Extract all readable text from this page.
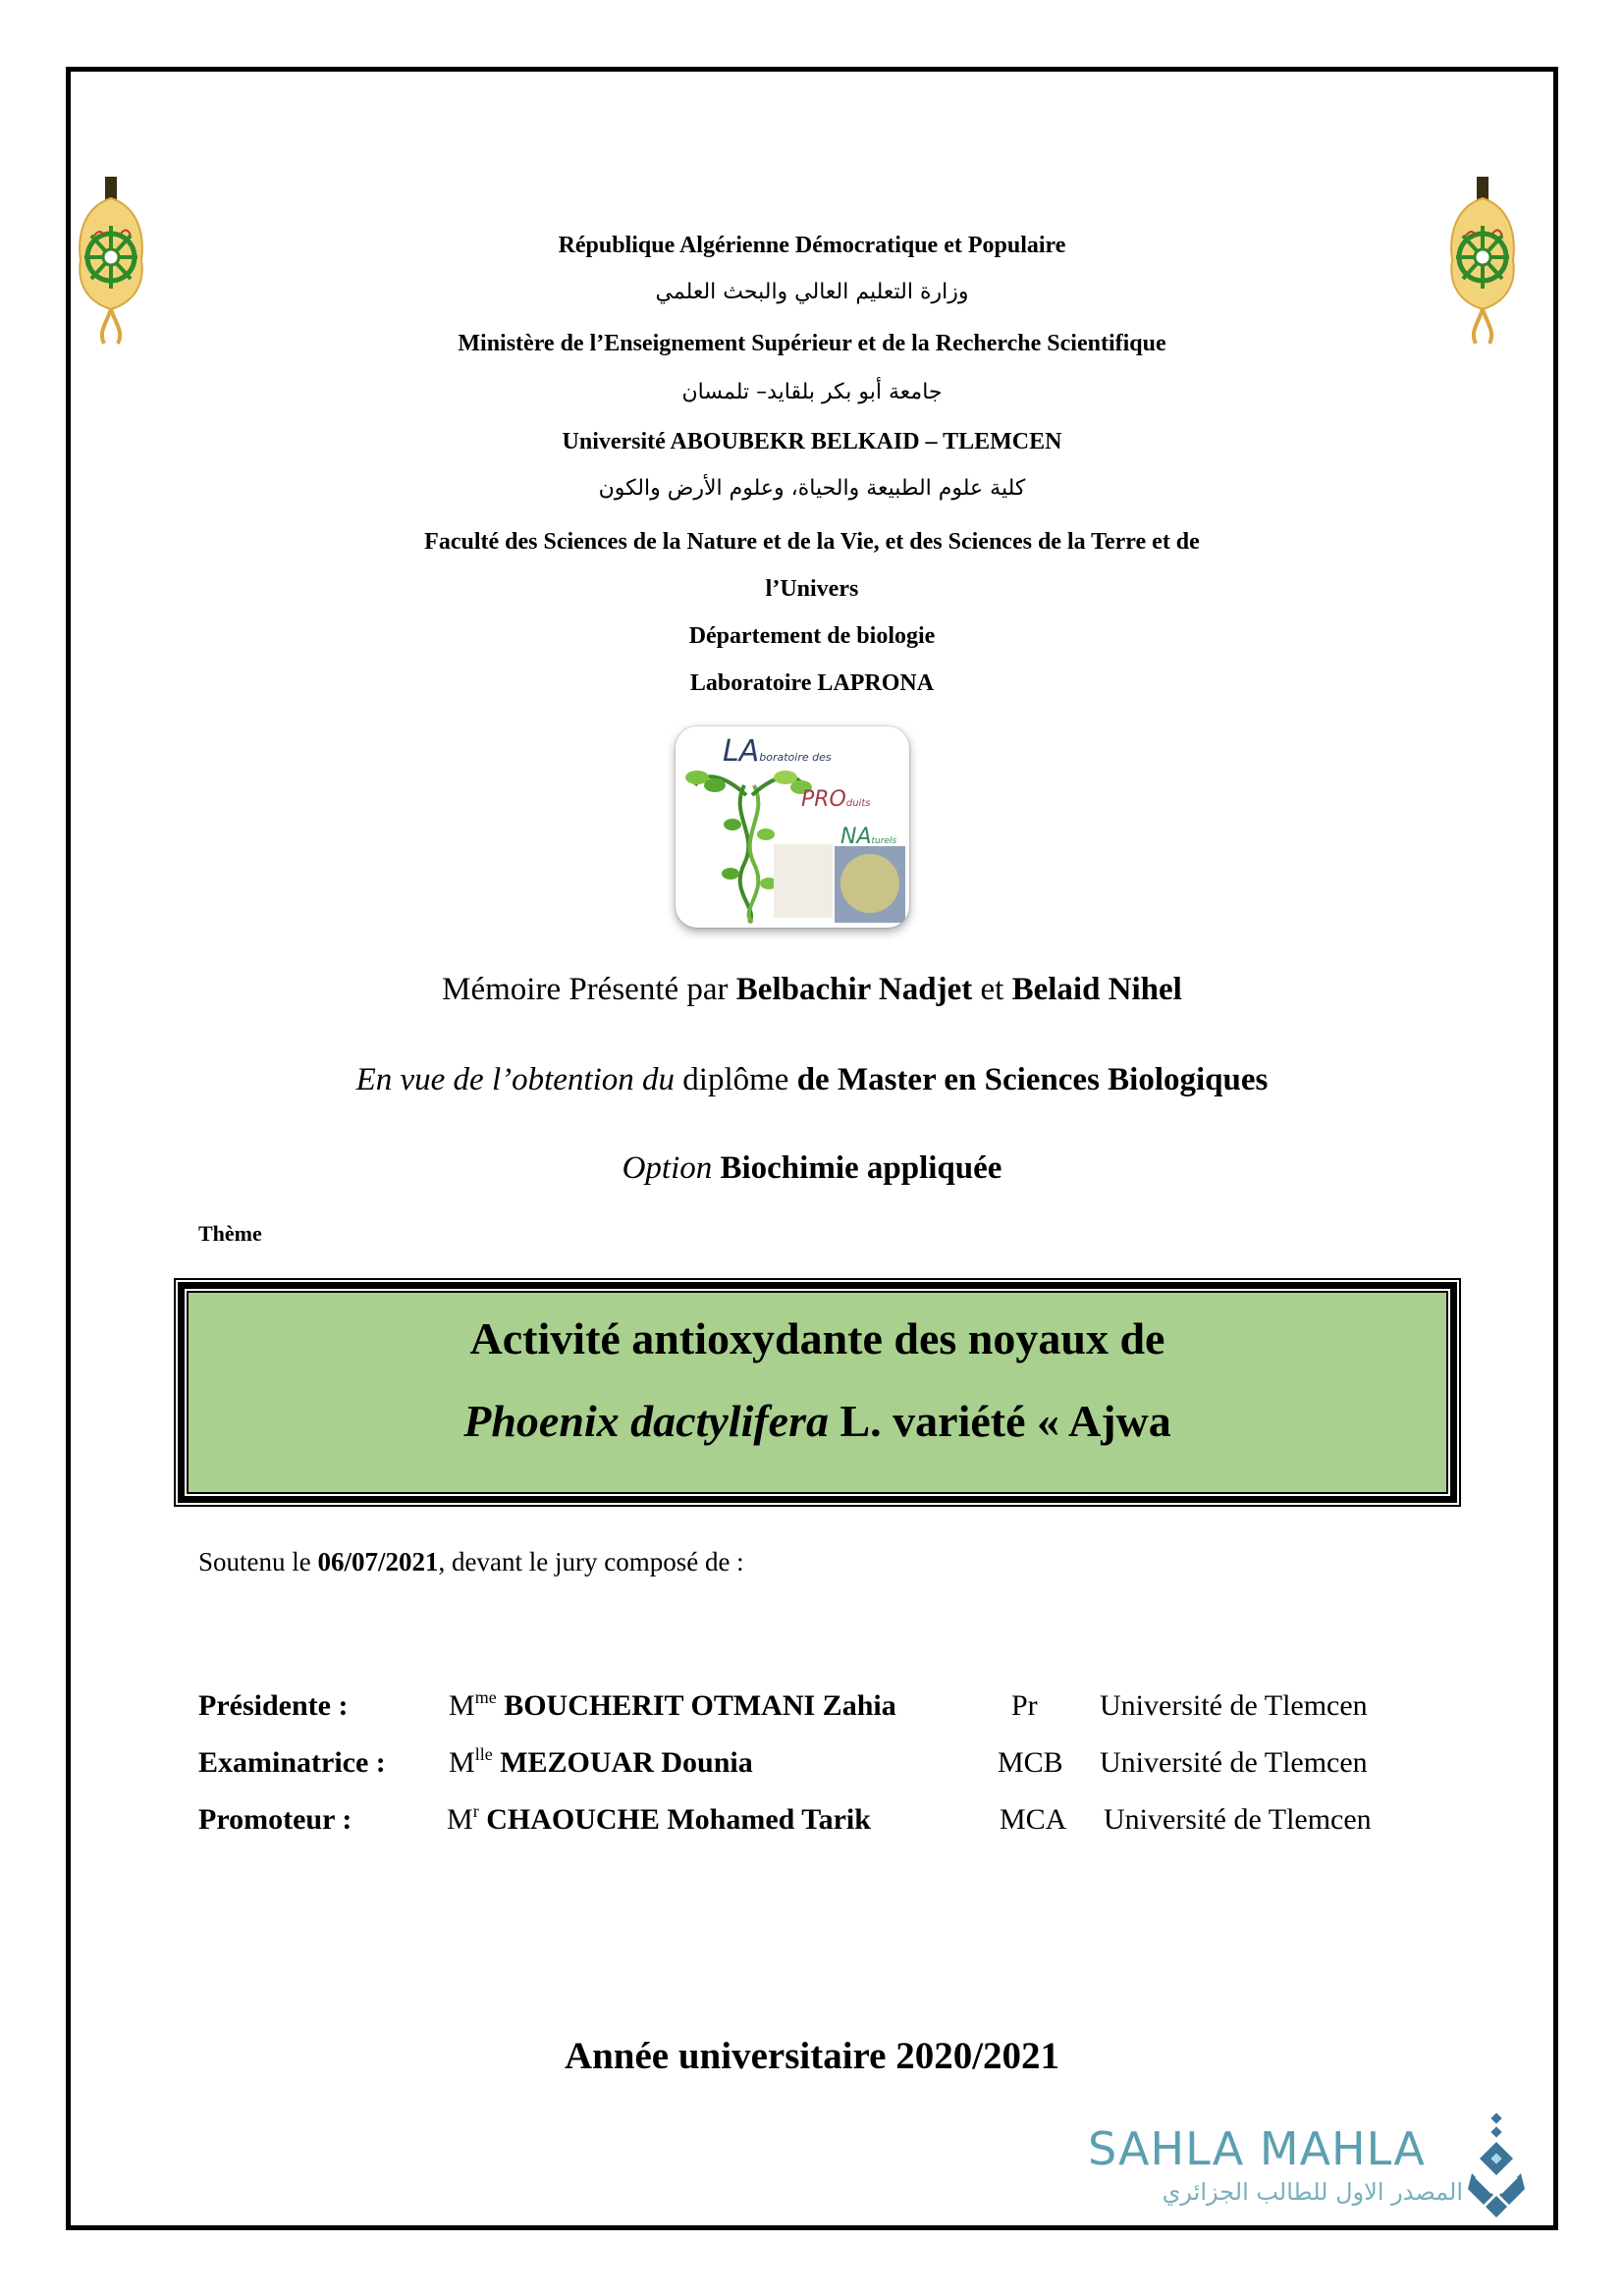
République Algérienne Démocratique et Populaire
وزارة التعليم العالي والبحث العلمي
Ministère de l’Enseignement Supérieur et de la Recherche Scientifique
جامعة أبو بكر بلقايد– تلمسان
Université ABOUBEKR BELKAID – TLEMCEN
كلية علوم الطبيعة والحياة، وعلوم الأرض والكون
Faculté des Sciences de la Nature et de la Vie, et des Sciences de la Terre et de
l’Univers
Département de biologie
Laboratoire LAPRONA
LAboratoire des
PROduits
NAturels
Mémoire Présenté par Belbachir Nadjet et Belaid Nihel
En vue de l’obtention du diplôme de Master en Sciences Biologiques
Option Biochimie appliquée
Thème
Activité antioxydante des noyaux de
Phoenix dactylifera L. variété « Ajwa
Soutenu le 06/07/2021, devant le jury composé de :
Présidente :	$M^{me}$ BOUCHERIT OTMANI Zahia	Pr Université de Tlemcen
Examinatrice : $M^{lle}$ MEZOUAR Dounia	MCB Université de Tlemcen
Promoteur :	$M^r$ CHAOUCHE Mohamed Tarik	MCA Université de Tlemcen
Année universitaire 2020/2021
SAHLA MAHLA
المصدر الاول للطالب الجزائري
